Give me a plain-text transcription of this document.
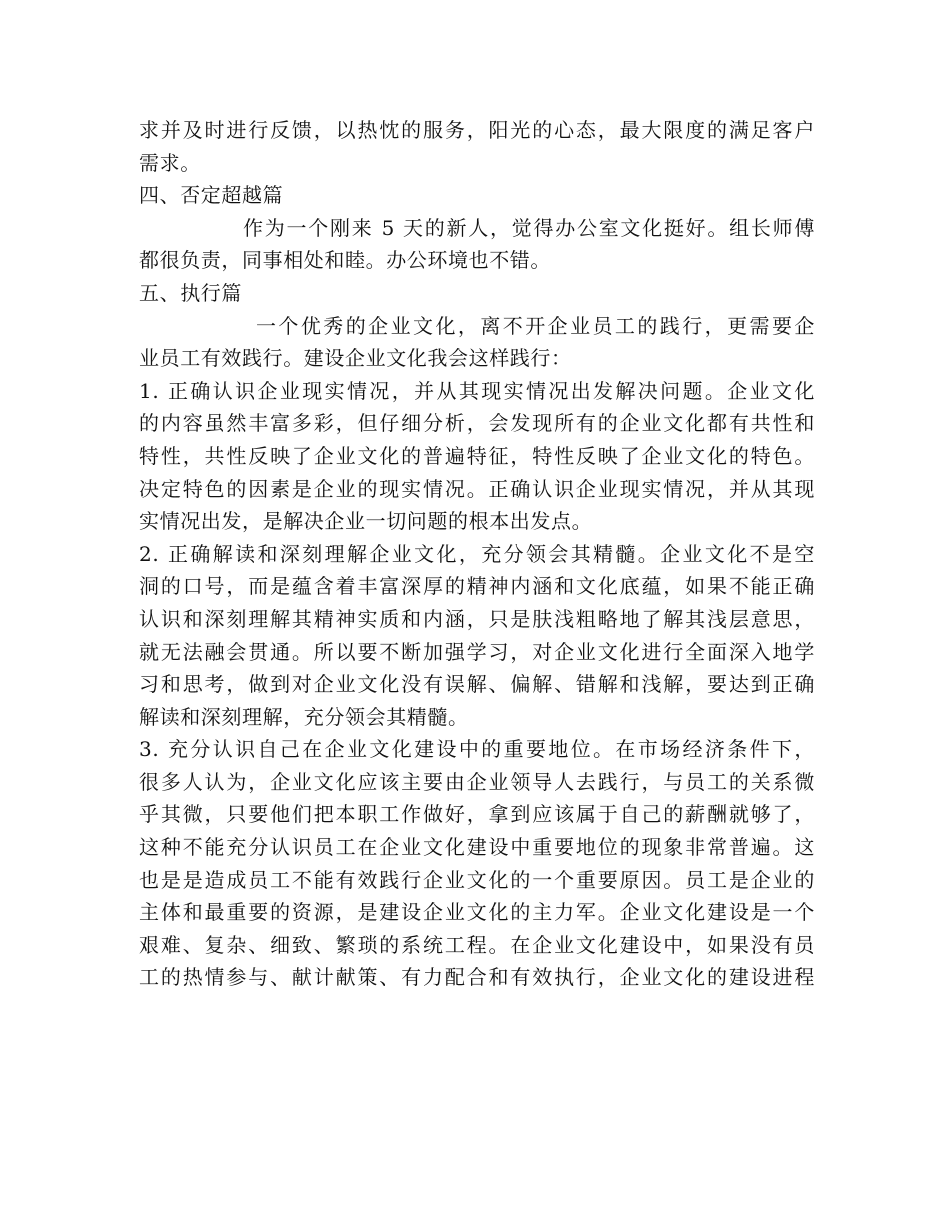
求并及时进行反馈，以热忱的服务，阳光的心态，最大限度的满足客户
需求。
四、否定超越篇
作为一个刚来 5 天的新人，觉得办公室文化挺好。组长师傅
都很负责，同事相处和睦。办公环境也不错。
五、执行篇
一个优秀的企业文化，离不开企业员工的践行，更需要企
业员工有效践行。建设企业文化我会这样践行：
1. 正确认识企业现实情况，并从其现实情况出发解决问题。企业文化
的内容虽然丰富多彩，但仔细分析，会发现所有的企业文化都有共性和
特性，共性反映了企业文化的普遍特征，特性反映了企业文化的特色。
决定特色的因素是企业的现实情况。正确认识企业现实情况，并从其现
实情况出发，是解决企业一切问题的根本出发点。
2. 正确解读和深刻理解企业文化，充分领会其精髓。企业文化不是空
洞的口号，而是蕴含着丰富深厚的精神内涵和文化底蕴，如果不能正确
认识和深刻理解其精神实质和内涵，只是肤浅粗略地了解其浅层意思，
就无法融会贯通。所以要不断加强学习，对企业文化进行全面深入地学
习和思考，做到对企业文化没有误解、偏解、错解和浅解，要达到正确
解读和深刻理解，充分领会其精髓。
3. 充分认识自己在企业文化建设中的重要地位。在市场经济条件下，
很多人认为，企业文化应该主要由企业领导人去践行，与员工的关系微
乎其微，只要他们把本职工作做好，拿到应该属于自己的薪酬就够了，
这种不能充分认识员工在企业文化建设中重要地位的现象非常普遍。这
也是是造成员工不能有效践行企业文化的一个重要原因。员工是企业的
主体和最重要的资源，是建设企业文化的主力军。企业文化建设是一个
艰难、复杂、细致、繁琐的系统工程。在企业文化建设中，如果没有员
工的热情参与、献计献策、有力配合和有效执行，企业文化的建设进程
